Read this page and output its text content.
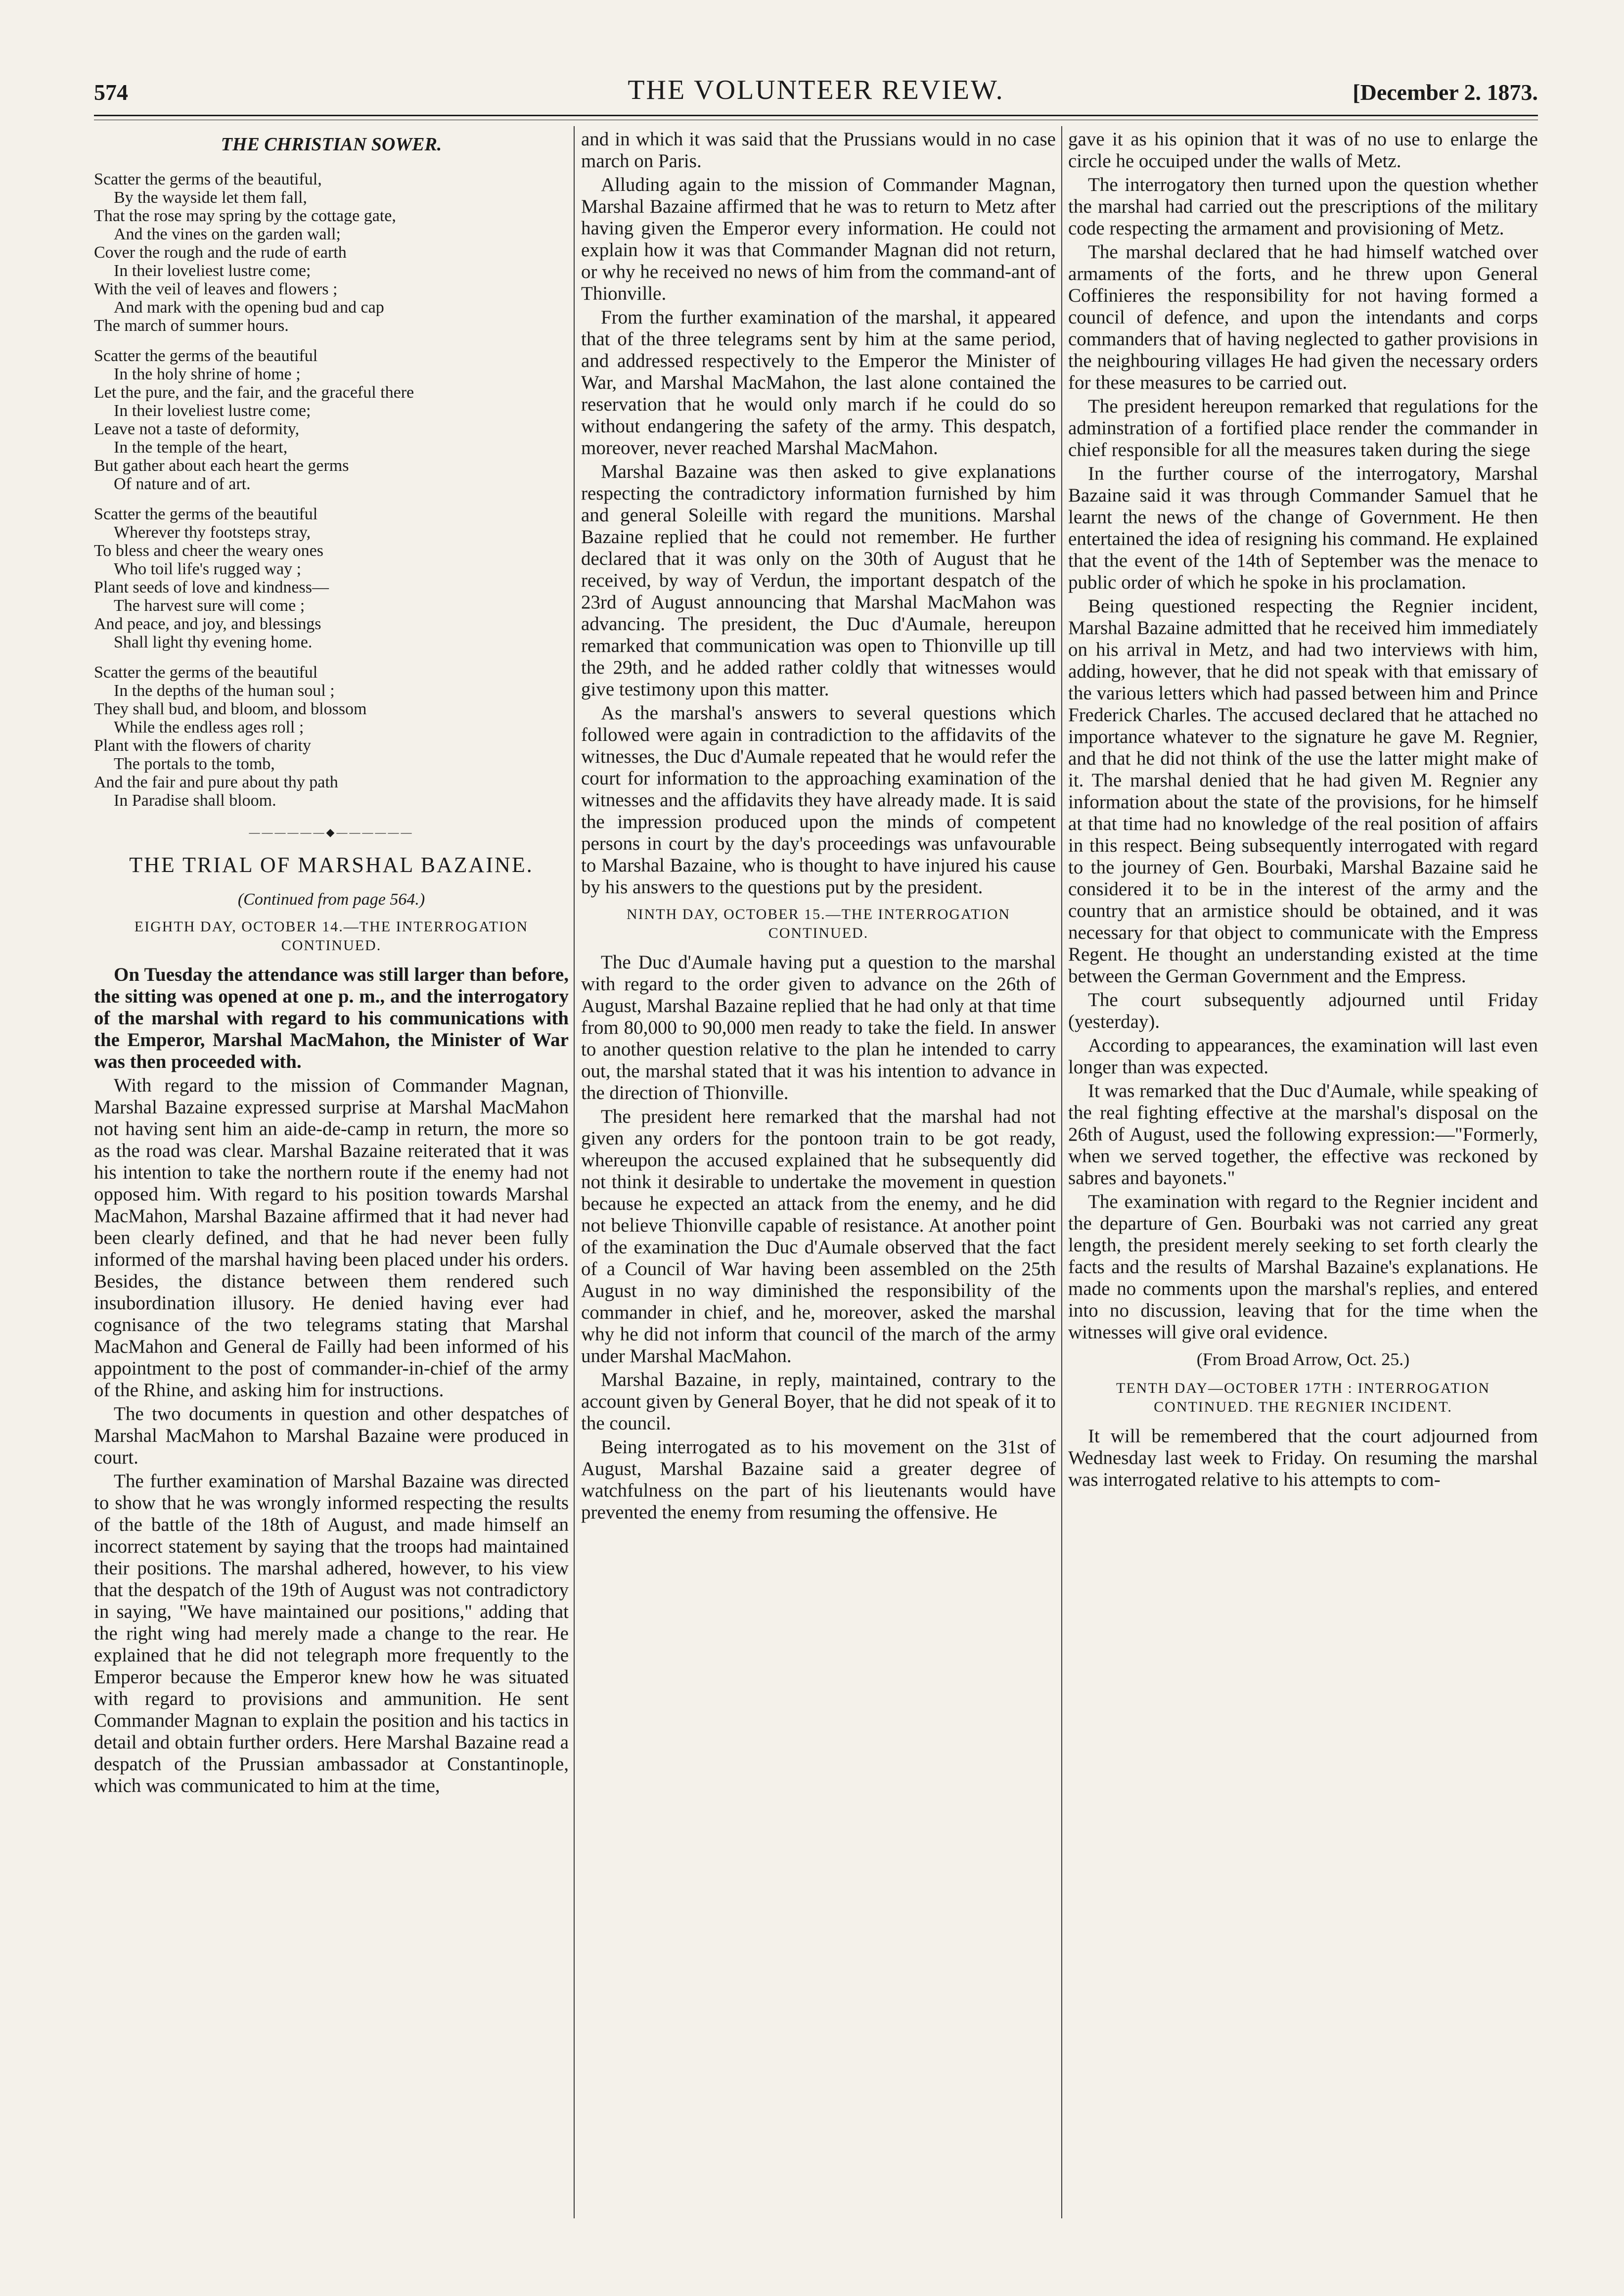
574	THE VOLUNTEER REVIEW.	[December 2. 1873.
THE CHRISTIAN SOWER.
Scatter the germs of the beautiful,
By the wayside let them fall,
That the rose may spring by the cottage gate,
And the vines on the garden wall;
Cover the rough and the rude of earth
In their loveliest lustre come;
With the veil of leaves and flowers ;
And mark with the opening bud and cap
The march of summer hours.
Scatter the germs of the beautiful
In the holy shrine of home ;
Let the pure, and the fair, and the graceful there
In their loveliest lustre come;
Leave not a taste of deformity,
In the temple of the heart,
But gather about each heart the germs
Of nature and of art.
Scatter the germs of the beautiful
Wherever thy footsteps stray,
To bless and cheer the weary ones
Who toil life's rugged way ;
Plant seeds of love and kindness—
The harvest sure will come ;
And peace, and joy, and blessings
Shall light thy evening home.
Scatter the germs of the beautiful
In the depths of the human soul ;
They shall bud, and bloom, and blossom
While the endless ages roll ;
Plant with the flowers of charity
The portals to the tomb,
And the fair and pure about thy path
In Paradise shall bloom.
——————◆——————
THE TRIAL OF MARSHAL BAZAINE.
(Continued from page 564.)
EIGHTH DAY, OCTOBER 14.—THE INTERROGATION CONTINUED.

On Tuesday the attendance was still larger than before, the sitting was opened at one p. m., and the interrogatory of the marshal with regard to his communications with the Emperor, Marshal MacMahon, the Minister of War was then proceeded with.

With regard to the mission of Commander Magnan, Marshal Bazaine expressed surprise at Marshal MacMahon not having sent him an aide-de-camp in return, the more so as the road was clear. Marshal Bazaine reiterated that it was his intention to take the northern route if the enemy had not opposed him. With regard to his position towards Marshal MacMahon, Marshal Bazaine affirmed that it had never had been clearly defined, and that he had never been fully informed of the marshal having been placed under his orders. Besides, the distance between them rendered such insubordination illusory. He denied having ever had cognisance of the two telegrams stating that Marshal MacMahon and General de Failly had been informed of his appointment to the post of commander-in-chief of the army of the Rhine, and asking him for instructions.

The two documents in question and other despatches of Marshal MacMahon to Marshal Bazaine were produced in court.

The further examination of Marshal Bazaine was directed to show that he was wrongly informed respecting the results of the battle of the 18th of August, and made himself an incorrect statement by saying that the troops had maintained their positions. The marshal adhered, however, to his view that the despatch of the 19th of August was not contradictory in saying, "We have maintained our positions," adding that the right wing had merely made a change to the rear. He explained that he did not telegraph more frequently to the Emperor because the Emperor knew how he was situated with regard to provisions and ammunition. He sent Commander Magnan to explain the position and his tactics in detail and obtain further orders. Here Marshal Bazaine read a despatch of the Prussian ambassador at Constantinople, which was communicated to him at the time,

and in which it was said that the Prussians would in no case march on Paris.

Alluding again to the mission of Commander Magnan, Marshal Bazaine affirmed that he was to return to Metz after having given the Emperor every information. He could not explain how it was that Commander Magnan did not return, or why he received no news of him from the command-ant of Thionville.

From the further examination of the marshal, it appeared that of the three telegrams sent by him at the same period, and addressed respectively to the Emperor the Minister of War, and Marshal MacMahon, the last alone contained the reservation that he would only march if he could do so without endangering the safety of the army. This despatch, moreover, never reached Marshal MacMahon.

Marshal Bazaine was then asked to give explanations respecting the contradictory information furnished by him and general Soleille with regard the munitions. Marshal Bazaine replied that he could not remember. He further declared that it was only on the 30th of August that he received, by way of Verdun, the important despatch of the 23rd of August announcing that Marshal MacMahon was advancing. The president, the Duc d'Aumale, hereupon remarked that communication was open to Thionville up till the 29th, and he added rather coldly that witnesses would give testimony upon this matter.

As the marshal's answers to several questions which followed were again in contradiction to the affidavits of the witnesses, the Duc d'Aumale repeated that he would refer the court for information to the approaching examination of the witnesses and the affidavits they have already made. It is said the impression produced upon the minds of competent persons in court by the day's proceedings was unfavourable to Marshal Bazaine, who is thought to have injured his cause by his answers to the questions put by the president.

NINTH DAY, OCTOBER 15.—THE INTERROGATION CONTINUED.

The Duc d'Aumale having put a question to the marshal with regard to the order given to advance on the 26th of August, Marshal Bazaine replied that he had only at that time from 80,000 to 90,000 men ready to take the field. In answer to another question relative to the plan he intended to carry out, the marshal stated that it was his intention to advance in the direction of Thionville.

The president here remarked that the marshal had not given any orders for the pontoon train to be got ready, whereupon the accused explained that he subsequently did not think it desirable to undertake the movement in question because he expected an attack from the enemy, and he did not believe Thionville capable of resistance. At another point of the examination the Duc d'Aumale observed that the fact of a Council of War having been assembled on the 25th August in no way diminished the responsibility of the commander in chief, and he, moreover, asked the marshal why he did not inform that council of the march of the army under Marshal MacMahon.

Marshal Bazaine, in reply, maintained, contrary to the account given by General Boyer, that he did not speak of it to the council.

Being interrogated as to his movement on the 31st of August, Marshal Bazaine said a greater degree of watchfulness on the part of his lieutenants would have prevented the enemy from resuming the offensive. He

gave it as his opinion that it was of no use to enlarge the circle he occuiped under the walls of Metz.

The interrogatory then turned upon the question whether the marshal had carried out the prescriptions of the military code respecting the armament and provisioning of Metz.

The marshal declared that he had himself watched over armaments of the forts, and he threw upon General Coffinieres the responsibility for not having formed a council of defence, and upon the intendants and corps commanders that of having neglected to gather provisions in the neighbouring villages He had given the necessary orders for these measures to be carried out.

The president hereupon remarked that regulations for the adminstration of a fortified place render the commander in chief responsible for all the measures taken during the siege

In the further course of the interrogatory, Marshal Bazaine said it was through Commander Samuel that he learnt the news of the change of Government. He then entertained the idea of resigning his command. He explained that the event of the 14th of September was the menace to public order of which he spoke in his proclamation.

Being questioned respecting the Regnier incident, Marshal Bazaine admitted that he received him immediately on his arrival in Metz, and had two interviews with him, adding, however, that he did not speak with that emissary of the various letters which had passed between him and Prince Frederick Charles. The accused declared that he attached no importance whatever to the signature he gave M. Regnier, and that he did not think of the use the latter might make of it. The marshal denied that he had given M. Regnier any information about the state of the provisions, for he himself at that time had no knowledge of the real position of affairs in this respect. Being subsequently interrogated with regard to the journey of Gen. Bourbaki, Marshal Bazaine said he considered it to be in the interest of the army and the country that an armistice should be obtained, and it was necessary for that object to communicate with the Empress Regent. He thought an understanding existed at the time between the German Government and the Empress.

The court subsequently adjourned until Friday (yesterday).

According to appearances, the examination will last even longer than was expected.

It was remarked that the Duc d'Aumale, while speaking of the real fighting effective at the marshal's disposal on the 26th of August, used the following expression:—"Formerly, when we served together, the effective was reckoned by sabres and bayonets."

The examination with regard to the Regnier incident and the departure of Gen. Bourbaki was not carried any great length, the president merely seeking to set forth clearly the facts and the results of Marshal Bazaine's explanations. He made no comments upon the marshal's replies, and entered into no discussion, leaving that for the time when the witnesses will give oral evidence.

(From Broad Arrow, Oct. 25.)
TENTH DAY—OCTOBER 17TH : INTERROGATION CONTINUED. THE REGNIER INCIDENT.

It will be remembered that the court adjourned from Wednesday last week to Friday. On resuming the marshal was interrogated relative to his attempts to com-
